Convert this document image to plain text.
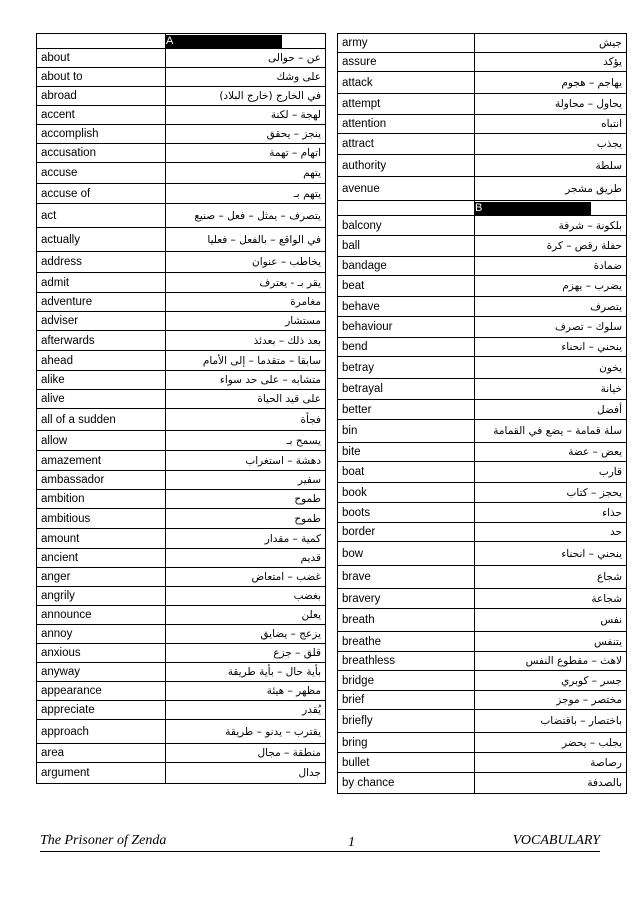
	A
about	عن – حوالى
about to	على وشك
abroad	في الخارج (خارج البلاد)
accent	لهجة – لكنة
accomplish	ينجز – يحقق
accusation	اتهام – تهمة
accuse	يتهم
accuse of	يتهم بـ
act	يتصرف – يمثل – فعل – صنيع
actually	في الواقع – بالفعل – فعليا
address	يخاطب – عنوان
admit	يقر بـ - يعترف
adventure	مغامرة
adviser	مستشار
afterwards	بعد ذلك – بعدئذ
ahead	سابقا – متقدما – إلى الأمام
alike	متشابه – على حد سواء
alive	على قيد الحياة
all of a sudden	فجأة
allow	يسمح بـ
amazement	دهشة – استغراب
ambassador	سفير
ambition	طموح
ambitious	طموح
amount	كمية – مقدار
ancient	قديم
anger	غضب – امتعاض
angrily	بغضب
announce	يعلن
annoy	يزعج – يضايق
anxious	قلق – جزع
anyway	بأية حال – بأية طريقة
appearance	مظهر – هيئة
appreciate	يُقدر
approach	يقترب – يدنو – طريقة
area	منطقة – مجال
argument	جدال
army	جيش
assure	يؤكد
attack	يهاجم – هجوم
attempt	يحاول – محاولة
attention	انتباه
attract	يجذب
authority	سلطة
avenue	طريق مشجر
	B
balcony	بلكونة – شرفة
ball	حفلة رقص – كرة
bandage	ضمادة
beat	يضرب – يهزم
behave	يتصرف
behaviour	سلوك – تصرف
bend	ينحني – انحناء
betray	يخون
betrayal	خيانة
better	أفضل
bin	سلة قمامة – يضع في القمامة
bite	يعض – عضة
boat	قارب
book	يحجز – كتاب
boots	حذاء
border	حد
bow	ينحني – انحناء
brave	شجاع
bravery	شجاعة
breath	نفس
breathe	يتنفس
breathless	لاهث – مقطوع النفس
bridge	جسر – كوبري
brief	مختصر – موجز
briefly	باختصار – باقتضاب
bring	يجلب – يحضر
bullet	رصاصة
by chance	بالصدفة
The Prisoner of Zenda	1	VOCABULARY
